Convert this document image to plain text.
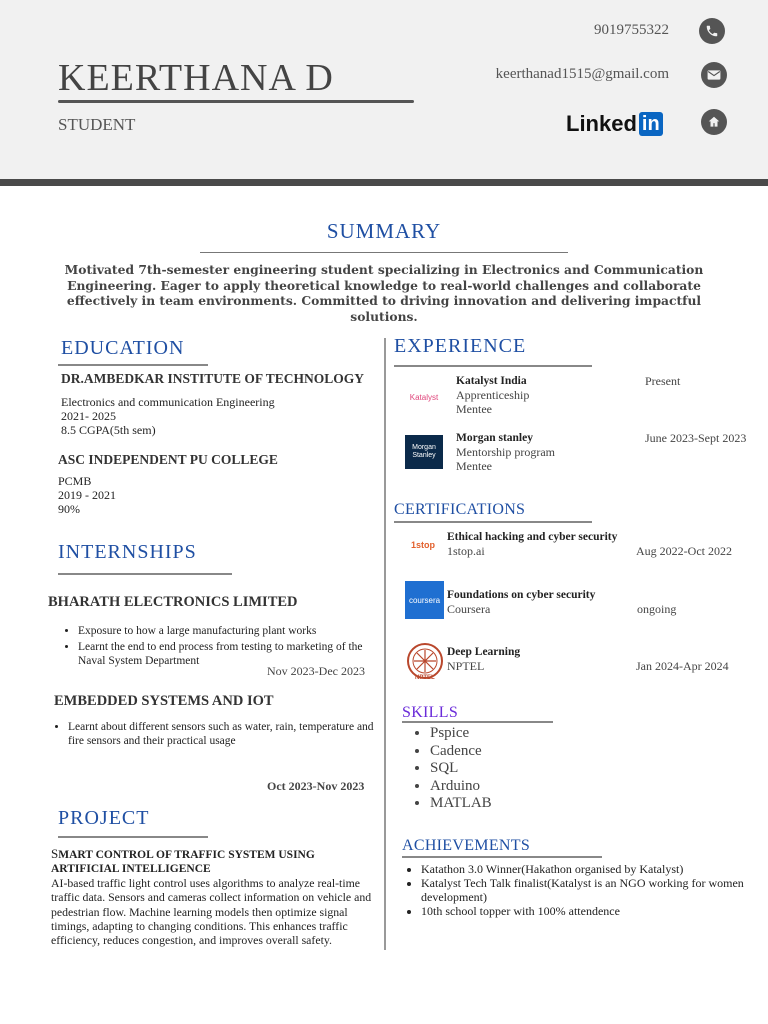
KEERTHANA D
STUDENT
9019755322
keerthanad1515@gmail.com
Linked in
SUMMARY
Motivated 7th-semester engineering student specializing in Electronics and Communication Engineering. Eager to apply theoretical knowledge to real-world challenges and collaborate effectively in team environments. Committed to driving innovation and delivering impactful solutions.
EDUCATION
DR.AMBEDKAR INSTITUTE OF TECHNOLOGY
Electronics and communication Engineering
2021- 2025
8.5 CGPA(5th sem)
ASC INDEPENDENT PU COLLEGE
PCMB
2019 - 2021
90%
INTERNSHIPS
BHARATH ELECTRONICS LIMITED
• Exposure to how a large manufacturing plant works
• Learnt the end to end process from testing to marketing of the Naval System Department
Nov 2023-Dec 2023
EMBEDDED SYSTEMS AND IOT
• Learnt about different sensors such as water, rain, temperature and fire sensors and their practical usage
Oct 2023-Nov 2023
PROJECT
SMART CONTROL OF TRAFFIC SYSTEM USING ARTIFICIAL INTELLIGENCE
AI-based traffic light control uses algorithms to analyze real-time traffic data. Sensors and cameras collect information on vehicle and pedestrian flow. Machine learning models then optimize signal timings, adapting to changing conditions. This enhances traffic efficiency, reduces congestion, and improves overall safety.
EXPERIENCE
Katalyst
Katalyst India
Apprenticeship
Mentee
Present
Morgan Stanley
Morgan stanley
Mentorship program
Mentee
June 2023-Sept 2023
CERTIFICATIONS
1stop
Ethical hacking and cyber security
1stop.ai	Aug 2022-Oct 2022
coursera Foundations on cyber security
Coursera	ongoing
NPTEL
Deep Learning
NPTEL	Jan 2024-Apr 2024
SKILLS
• Pspice
• Cadence
• SQL
• Arduino
• MATLAB
ACHIEVEMENTS
• Katathon 3.0 Winner(Hakathon organised by Katalyst)
• Katalyst Tech Talk finalist(Katalyst is an NGO working for women development)
• 10th school topper with 100% attendence
